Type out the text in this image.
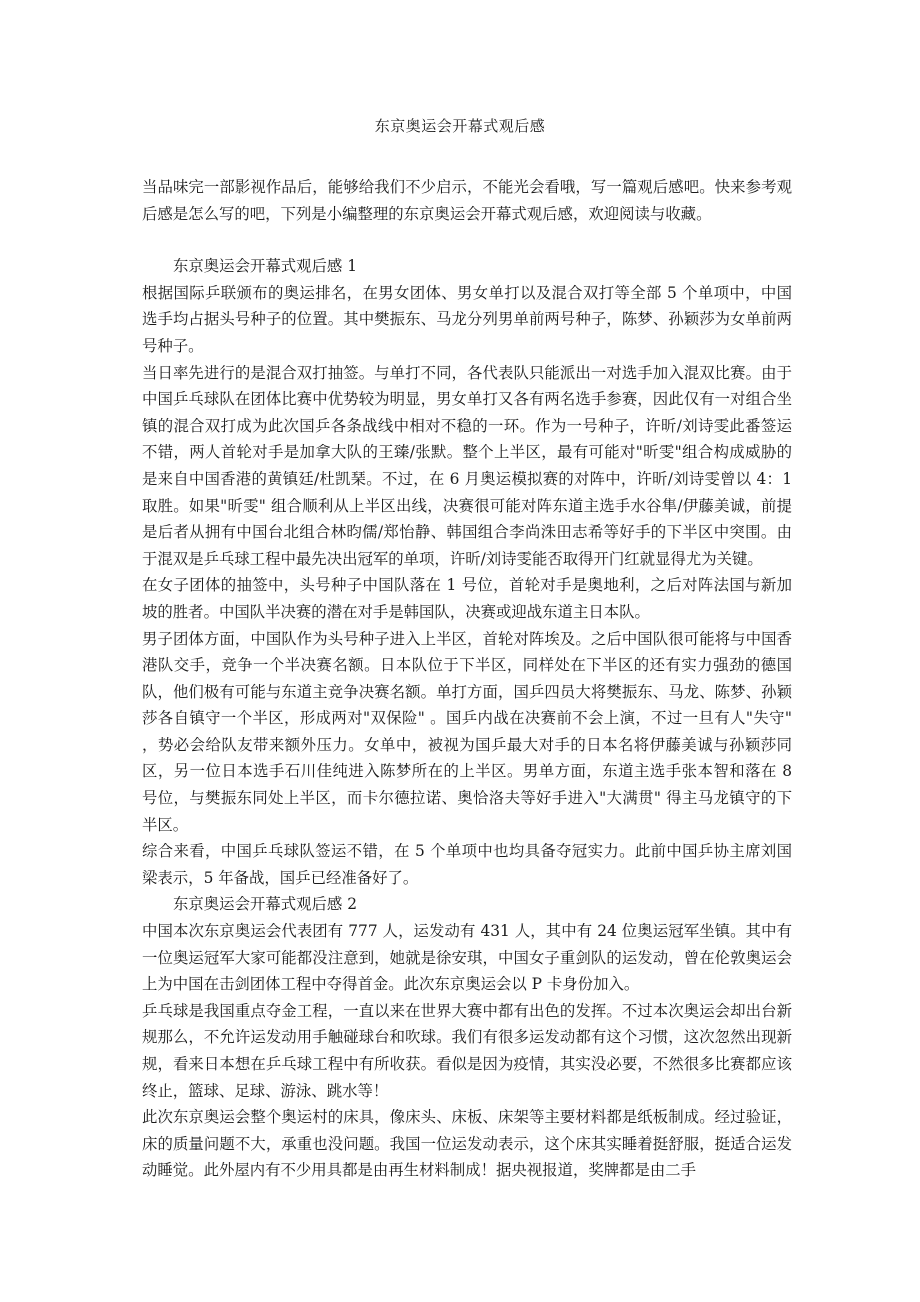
东京奥运会开幕式观后感

当品味完一部影视作品后，能够给我们不少启示，不能光会看哦，写一篇观后感吧。快来参考观后感是怎么写的吧，下列是小编整理的东京奥运会开幕式观后感，欢迎阅读与收藏。

东京奥运会开幕式观后感 1

根据国际乒联颁布的奥运排名，在男女团体、男女单打以及混合双打等全部 5 个单项中，中国选手均占据头号种子的位置。其中樊振东、马龙分列男单前两号种子，陈梦、孙颖莎为女单前两号种子。

当日率先进行的是混合双打抽签。与单打不同，各代表队只能派出一对选手加入混双比赛。由于中国乒乓球队在团体比赛中优势较为明显，男女单打又各有两名选手参赛，因此仅有一对组合坐镇的混合双打成为此次国乒各条战线中相对不稳的一环。作为一号种子，许昕/刘诗雯此番签运不错，两人首轮对手是加拿大队的王臻/张默。整个上半区，最有可能对"昕雯"组合构成威胁的是来自中国香港的黄镇廷/杜凯琹。不过，在 6 月奥运模拟赛的对阵中，许昕/刘诗雯曾以 4：1 取胜。如果"昕雯" 组合顺利从上半区出线，决赛很可能对阵东道主选手水谷隼/伊藤美诚，前提是后者从拥有中国台北组合林昀儒/郑怡静、韩国组合李尚洙田志希等好手的下半区中突围。由于混双是乒乓球工程中最先决出冠军的单项，许昕/刘诗雯能否取得开门红就显得尤为关键。

在女子团体的抽签中，头号种子中国队落在 1 号位，首轮对手是奥地利，之后对阵法国与新加坡的胜者。中国队半决赛的潜在对手是韩国队，决赛或迎战东道主日本队。

男子团体方面，中国队作为头号种子进入上半区，首轮对阵埃及。之后中国队很可能将与中国香港队交手，竞争一个半决赛名额。日本队位于下半区，同样处在下半区的还有实力强劲的德国队，他们极有可能与东道主竞争决赛名额。单打方面，国乒四员大将樊振东、马龙、陈梦、孙颖莎各自镇守一个半区，形成两对"双保险" 。国乒内战在决赛前不会上演，不过一旦有人"失守" ，势必会给队友带来额外压力。女单中，被视为国乒最大对手的日本名将伊藤美诚与孙颖莎同区，另一位日本选手石川佳纯进入陈梦所在的上半区。男单方面，东道主选手张本智和落在 8 号位，与樊振东同处上半区，而卡尔德拉诺、奥恰洛夫等好手进入"大满贯" 得主马龙镇守的下半区。

综合来看，中国乒乓球队签运不错，在 5 个单项中也均具备夺冠实力。此前中国乒协主席刘国梁表示，5 年备战，国乒已经准备好了。

东京奥运会开幕式观后感 2

中国本次东京奥运会代表团有 777 人，运发动有 431 人，其中有 24 位奥运冠军坐镇。其中有一位奥运冠军大家可能都没注意到，她就是徐安琪，中国女子重剑队的运发动，曾在伦敦奥运会上为中国在击剑团体工程中夺得首金。此次东京奥运会以 P 卡身份加入。

乒乓球是我国重点夺金工程，一直以来在世界大赛中都有出色的发挥。不过本次奥运会却出台新规那么，不允许运发动用手触碰球台和吹球。我们有很多运发动都有这个习惯，这次忽然出现新规，看来日本想在乒乓球工程中有所收获。看似是因为疫情，其实没必要，不然很多比赛都应该终止，篮球、足球、游泳、跳水等！

此次东京奥运会整个奥运村的床具，像床头、床板、床架等主要材料都是纸板制成。经过验证，床的质量问题不大，承重也没问题。我国一位运发动表示，这个床其实睡着挺舒服，挺适合运发动睡觉。此外屋内有不少用具都是由再生材料制成！据央视报道，奖牌都是由二手
